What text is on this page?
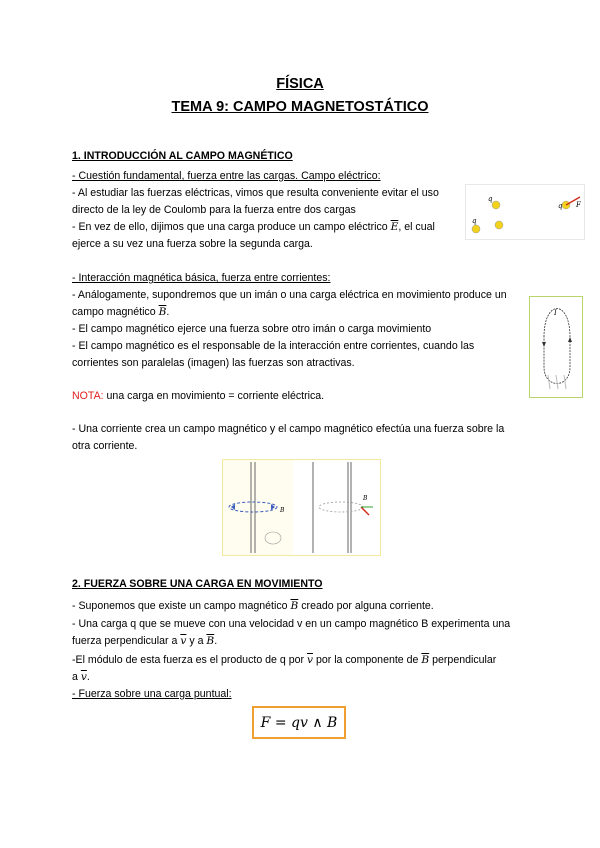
FÍSICA
TEMA 9: CAMPO MAGNETOSTÁTICO
1. INTRODUCCIÓN AL CAMPO MAGNÉTICO
- Cuestión fundamental, fuerza entre las cargas. Campo eléctrico:
- Al estudiar las fuerzas eléctricas, vimos que resulta conveniente evitar el uso
directo de la ley de Coulomb para la fuerza entre dos cargas
- En vez de ello, dijimos que una carga produce un campo eléctrico $\overline{E}$, el cual
ejerce a su vez una fuerza sobre la segunda carga.
- Interacción magnética básica, fuerza entre corrientes:
- Análogamente, supondremos que un imán o una carga eléctrica en movimiento produce un
campo magnético $\overline{B}$.
- El campo magnético ejerce una fuerza sobre otro imán o carga movimiento
- El campo magnético es el responsable de la interacción entre corrientes, cuando las
corrientes son paralelas (imagen) las fuerzas son atractivas.
NOTA: una carga en movimiento = corriente eléctrica.
- Una corriente crea un campo magnético y el campo magnético efectúa una fuerza sobre la
otra corriente.
q
q
q F
I
B
B
2. FUERZA SOBRE UNA CARGA EN MOVIMIENTO
- Suponemos que existe un campo magnético $\overline{B}$ creado por alguna corriente.
- Una carga q que se mueve con una velocidad v en un campo magnético B experimenta una
fuerza perpendicular a $\overline{v}$ y a $\overline{B}$.
-El módulo de esta fuerza es el producto de q por $\overline{v}$ por la componente de $\overline{B}$ perpendicular
a $\overline{v}$.
- Fuerza sobre una carga puntual:
F = qv ∧ B
